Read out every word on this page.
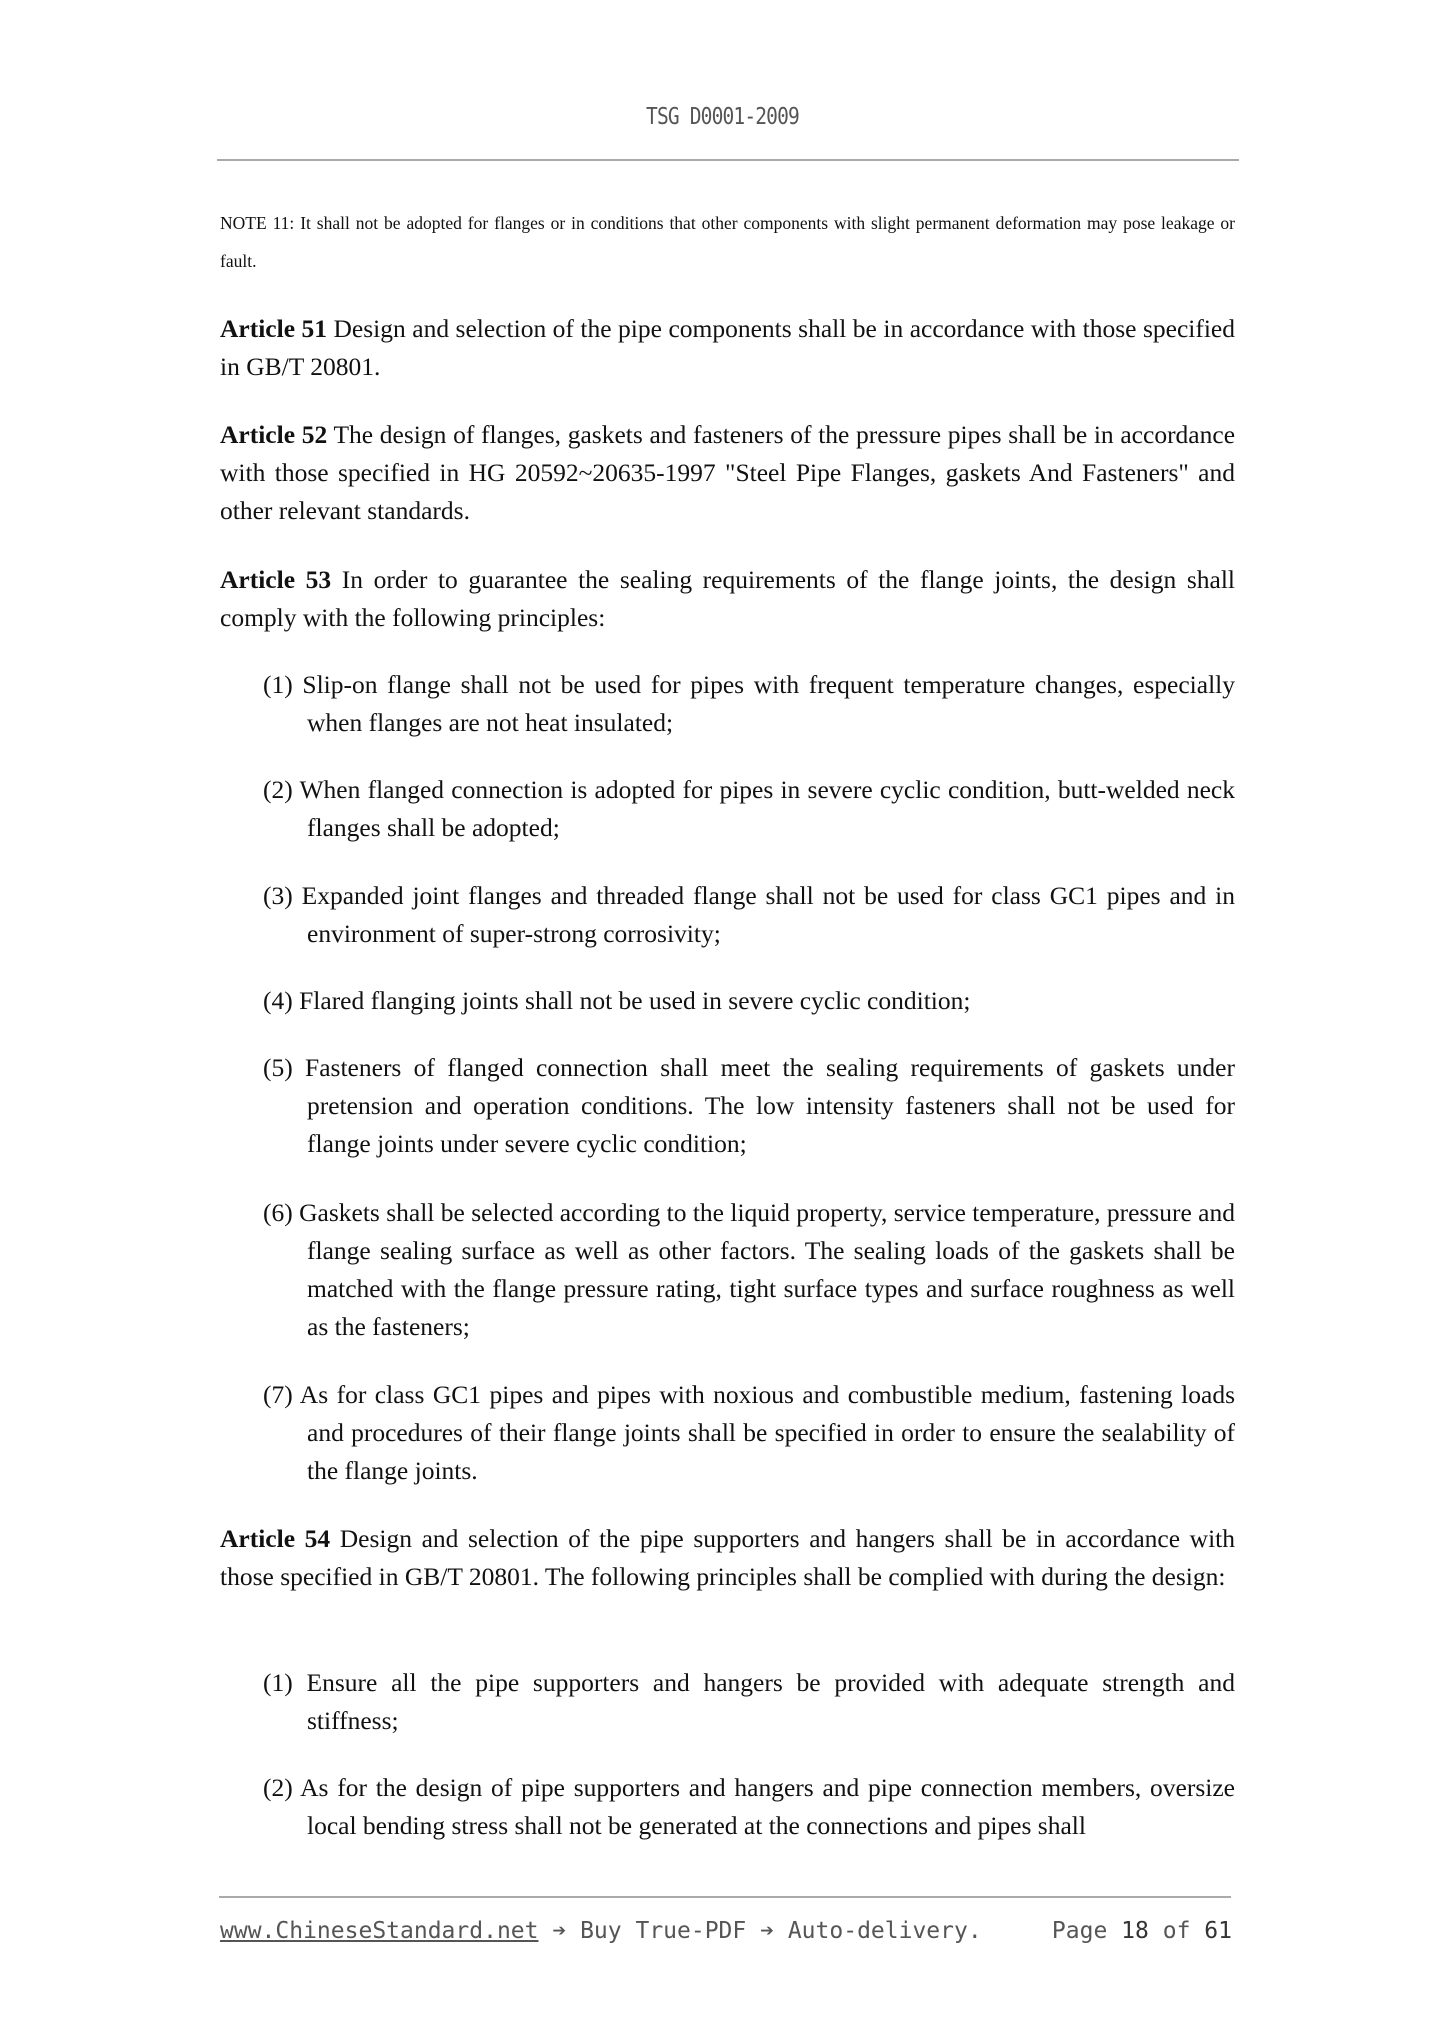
TSG D0001-2009
NOTE 11: It shall not be adopted for flanges or in conditions that other components with slight permanent deformation may pose leakage or fault.
Article 51 Design and selection of the pipe components shall be in accordance with those specified in GB/T 20801.
Article 52 The design of flanges, gaskets and fasteners of the pressure pipes shall be in accordance with those specified in HG 20592~20635-1997 "Steel Pipe Flanges, gaskets And Fasteners" and other relevant standards.
Article 53 In order to guarantee the sealing requirements of the flange joints, the design shall comply with the following principles:
(1) Slip-on flange shall not be used for pipes with frequent temperature changes, especially when flanges are not heat insulated;
(2) When flanged connection is adopted for pipes in severe cyclic condition, butt-welded neck flanges shall be adopted;
(3) Expanded joint flanges and threaded flange shall not be used for class GC1 pipes and in environment of super-strong corrosivity;
(4) Flared flanging joints shall not be used in severe cyclic condition;
(5) Fasteners of flanged connection shall meet the sealing requirements of gaskets under pretension and operation conditions. The low intensity fasteners shall not be used for flange joints under severe cyclic condition;
(6) Gaskets shall be selected according to the liquid property, service temperature, pressure and flange sealing surface as well as other factors. The sealing loads of the gaskets shall be matched with the flange pressure rating, tight surface types and surface roughness as well as the fasteners;
(7) As for class GC1 pipes and pipes with noxious and combustible medium, fastening loads and procedures of their flange joints shall be specified in order to ensure the sealability of the flange joints.
Article 54 Design and selection of the pipe supporters and hangers shall be in accordance with those specified in GB/T 20801. The following principles shall be complied with during the design:
(1) Ensure all the pipe supporters and hangers be provided with adequate strength and stiffness;
(2) As for the design of pipe supporters and hangers and pipe connection members, oversize local bending stress shall not be generated at the connections and pipes shall
www.ChineseStandard.net ➔ Buy True-PDF ➔ Auto-delivery.	Page 18 of 61
